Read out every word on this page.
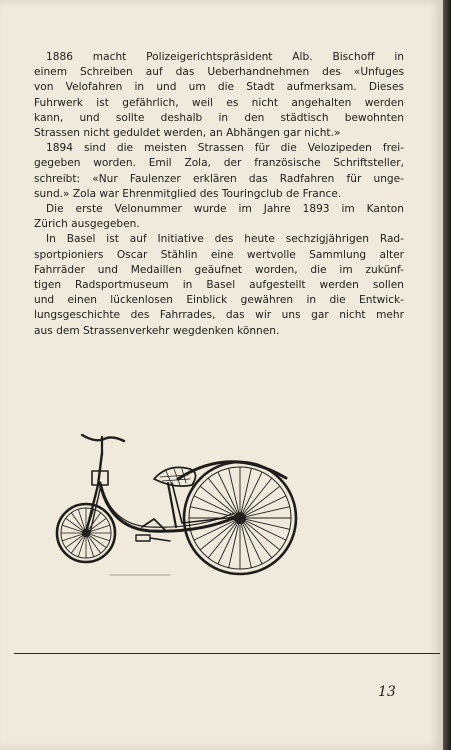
1886 macht Polizeigerichtspräsident Alb. Bischoff in
einem Schreiben auf das Ueberhandnehmen des «Unfuges
von Velofahren in und um die Stadt aufmerksam. Dieses
Fuhrwerk ist gefährlich, weil es nicht angehalten werden
kann, und sollte deshalb in den städtisch bewohnten
Strassen nicht geduldet werden, an Abhängen gar nicht.»
1894 sind die meisten Strassen für die Velozipeden frei-
gegeben worden. Emil Zola, der französische Schriftsteller,
schreibt: «Nur Faulenzer erklären das Radfahren für unge-
sund.» Zola war Ehrenmitglied des Touringclub de France.
Die erste Velonummer wurde im Jahre 1893 im Kanton
Zürich ausgegeben.
In Basel ist auf Initiative des heute sechzigjährigen Rad-
sportpioniers Oscar Stählin eine wertvolle Sammlung alter
Fahrräder und Medaillen geäufnet worden, die im zukünf-
tigen Radsportmuseum in Basel aufgestellt werden sollen
und einen lückenlosen Einblick gewähren in die Entwick-
lungsgeschichte des Fahrrades, das wir uns gar nicht mehr
aus dem Strassenverkehr wegdenken können.
13
